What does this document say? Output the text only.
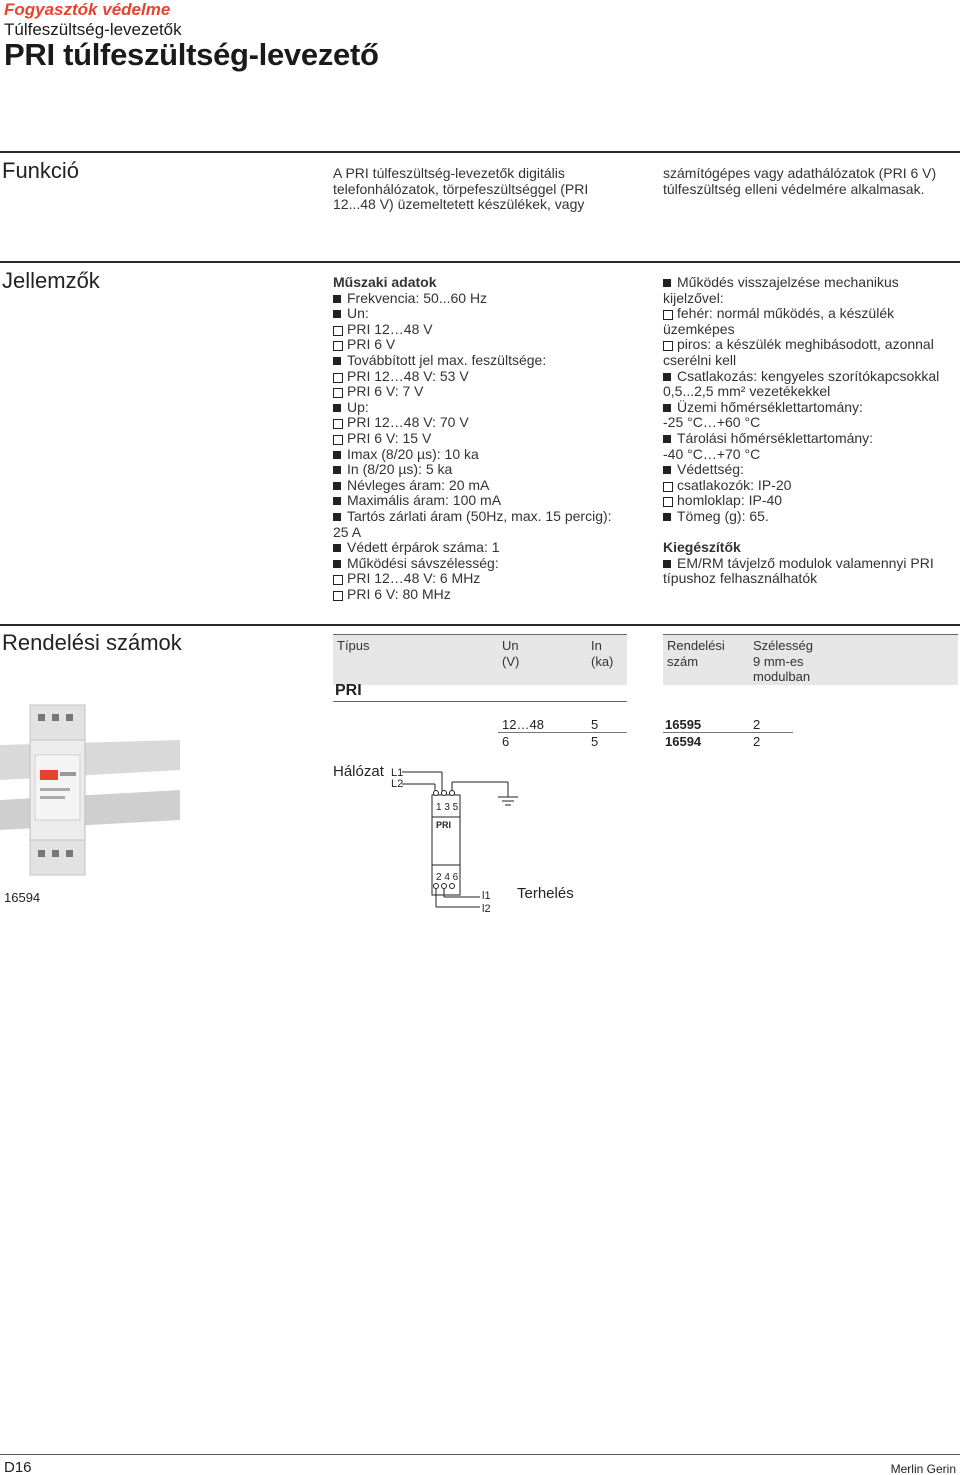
Fogyasztók védelme
Túlfeszültség-levezetők
PRI túlfeszültség-levezető
Funkció	A PRI túlfeszültség-levezetők digitális
telefonhálózatok, törpefeszültséggel (PRI
12...48 V) üzemeltetett készülékek, vagy
számítógépes vagy adathálózatok (PRI 6 V)
túlfeszültség elleni védelmére alkalmasak.
Jellemzők	Műszaki adatok
Frekvencia: 50...60 Hz
Un:
PRI 12…48 V
PRI 6 V
Továbbított jel max. feszültsége:
PRI 12…48 V: 53 V
PRI 6 V: 7 V
Up:
PRI 12…48 V: 70 V
PRI 6 V: 15 V
Imax (8/20 µs): 10 ka
In (8/20 µs): 5 ka
Névleges áram: 20 mA
Maximális áram: 100 mA
Tartós zárlati áram (50Hz, max. 15 percig):
25 A
Védett érpárok száma: 1
Működési sávszélesség:
PRI 12…48 V: 6 MHz
PRI 6 V: 80 MHz
Működés visszajelzése mechanikus
kijelzővel:
fehér: normál működés, a készülék
üzemképes
piros: a készülék meghibásodott, azonnal
cserélni kell
Csatlakozás: kengyeles szorítókapcsokkal
0,5...2,5 mm² vezetékekkel
Üzemi hőmérséklettartomány:
-25 °C…+60 °C
Tárolási hőmérséklettartomány:
-40 °C…+70 °C
Védettség:
csatlakozók: IP-20
homloklap: IP-40
Tömeg (g): 65.
Kiegészítők
EM/RM távjelző modulok valamennyi PRI
típushoz felhasználhatók
Rendelési számok	Típus	Un
(V)
In
(ka)
PRI
Rendelési
szám
Szélesség
9 mm-es
modulban
12…48	5	16595	2
6	5	16594	2
16594
Hálózat L1
L2
1 3 5
PRI
2 4 6
l1
l2
Terhelés
D16	Merlin Gerin
